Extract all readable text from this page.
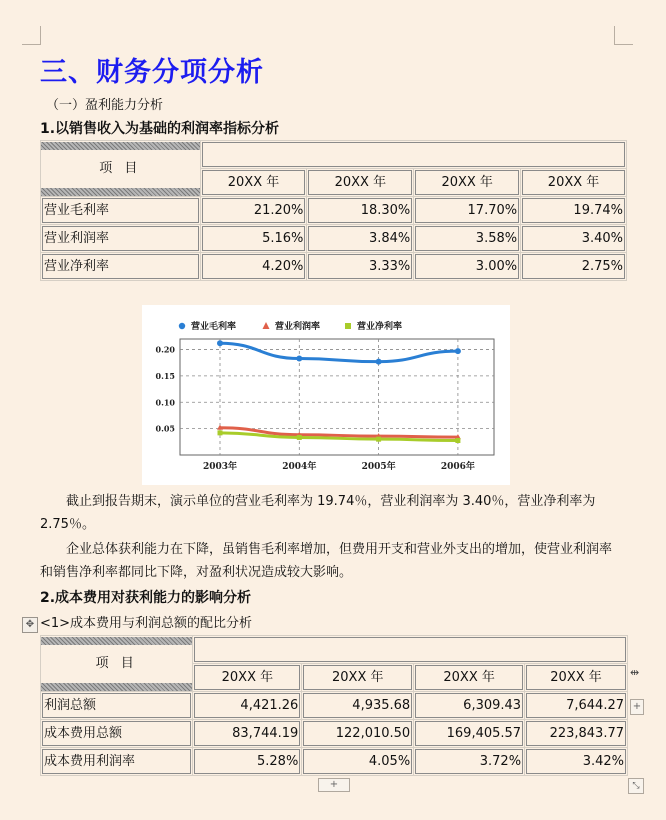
三、财务分项分析
（一）盈利能力分析
1.以销售收入为基础的利润率指标分析
项 目				

	20XX 年	20XX 年	20XX 年	20XX 年

营业毛利率	21.20%	18.30%	17.70%	19.74%

营业利润率	5.16%	3.84%	3.58%	3.40%

营业净利率	4.20%	3.33%	3.00%	2.75%
0.05
0.10
0.15
0.20
2003年	2004年	2005年	2006年
营业毛利率	营业利润率	营业净利率

截止到报告期末，演示单位的营业毛利率为 19.74％，营业利润率为 3.40％，营业净利率为 2.75％。

企业总体获利能力在下降，虽销售毛利率增加，但费用开支和营业外支出的增加，使营业利润率和销售净利率都同比下降，对盈利状况造成较大影响。

2.成本费用对获利能力的影响分析
✥ <1>成本费用与利润总额的配比分析
项 目				

	20XX 年	20XX 年	20XX 年	20XX 年

利润总额	4,421.26	4,935.68	6,309.43	7,644.27

成本费用总额	83,744.19	122,010.50	169,405.57	223,843.77

成本费用利润率	5.28%	4.05%	3.72%	3.42%
⇹
+
+	⤡
